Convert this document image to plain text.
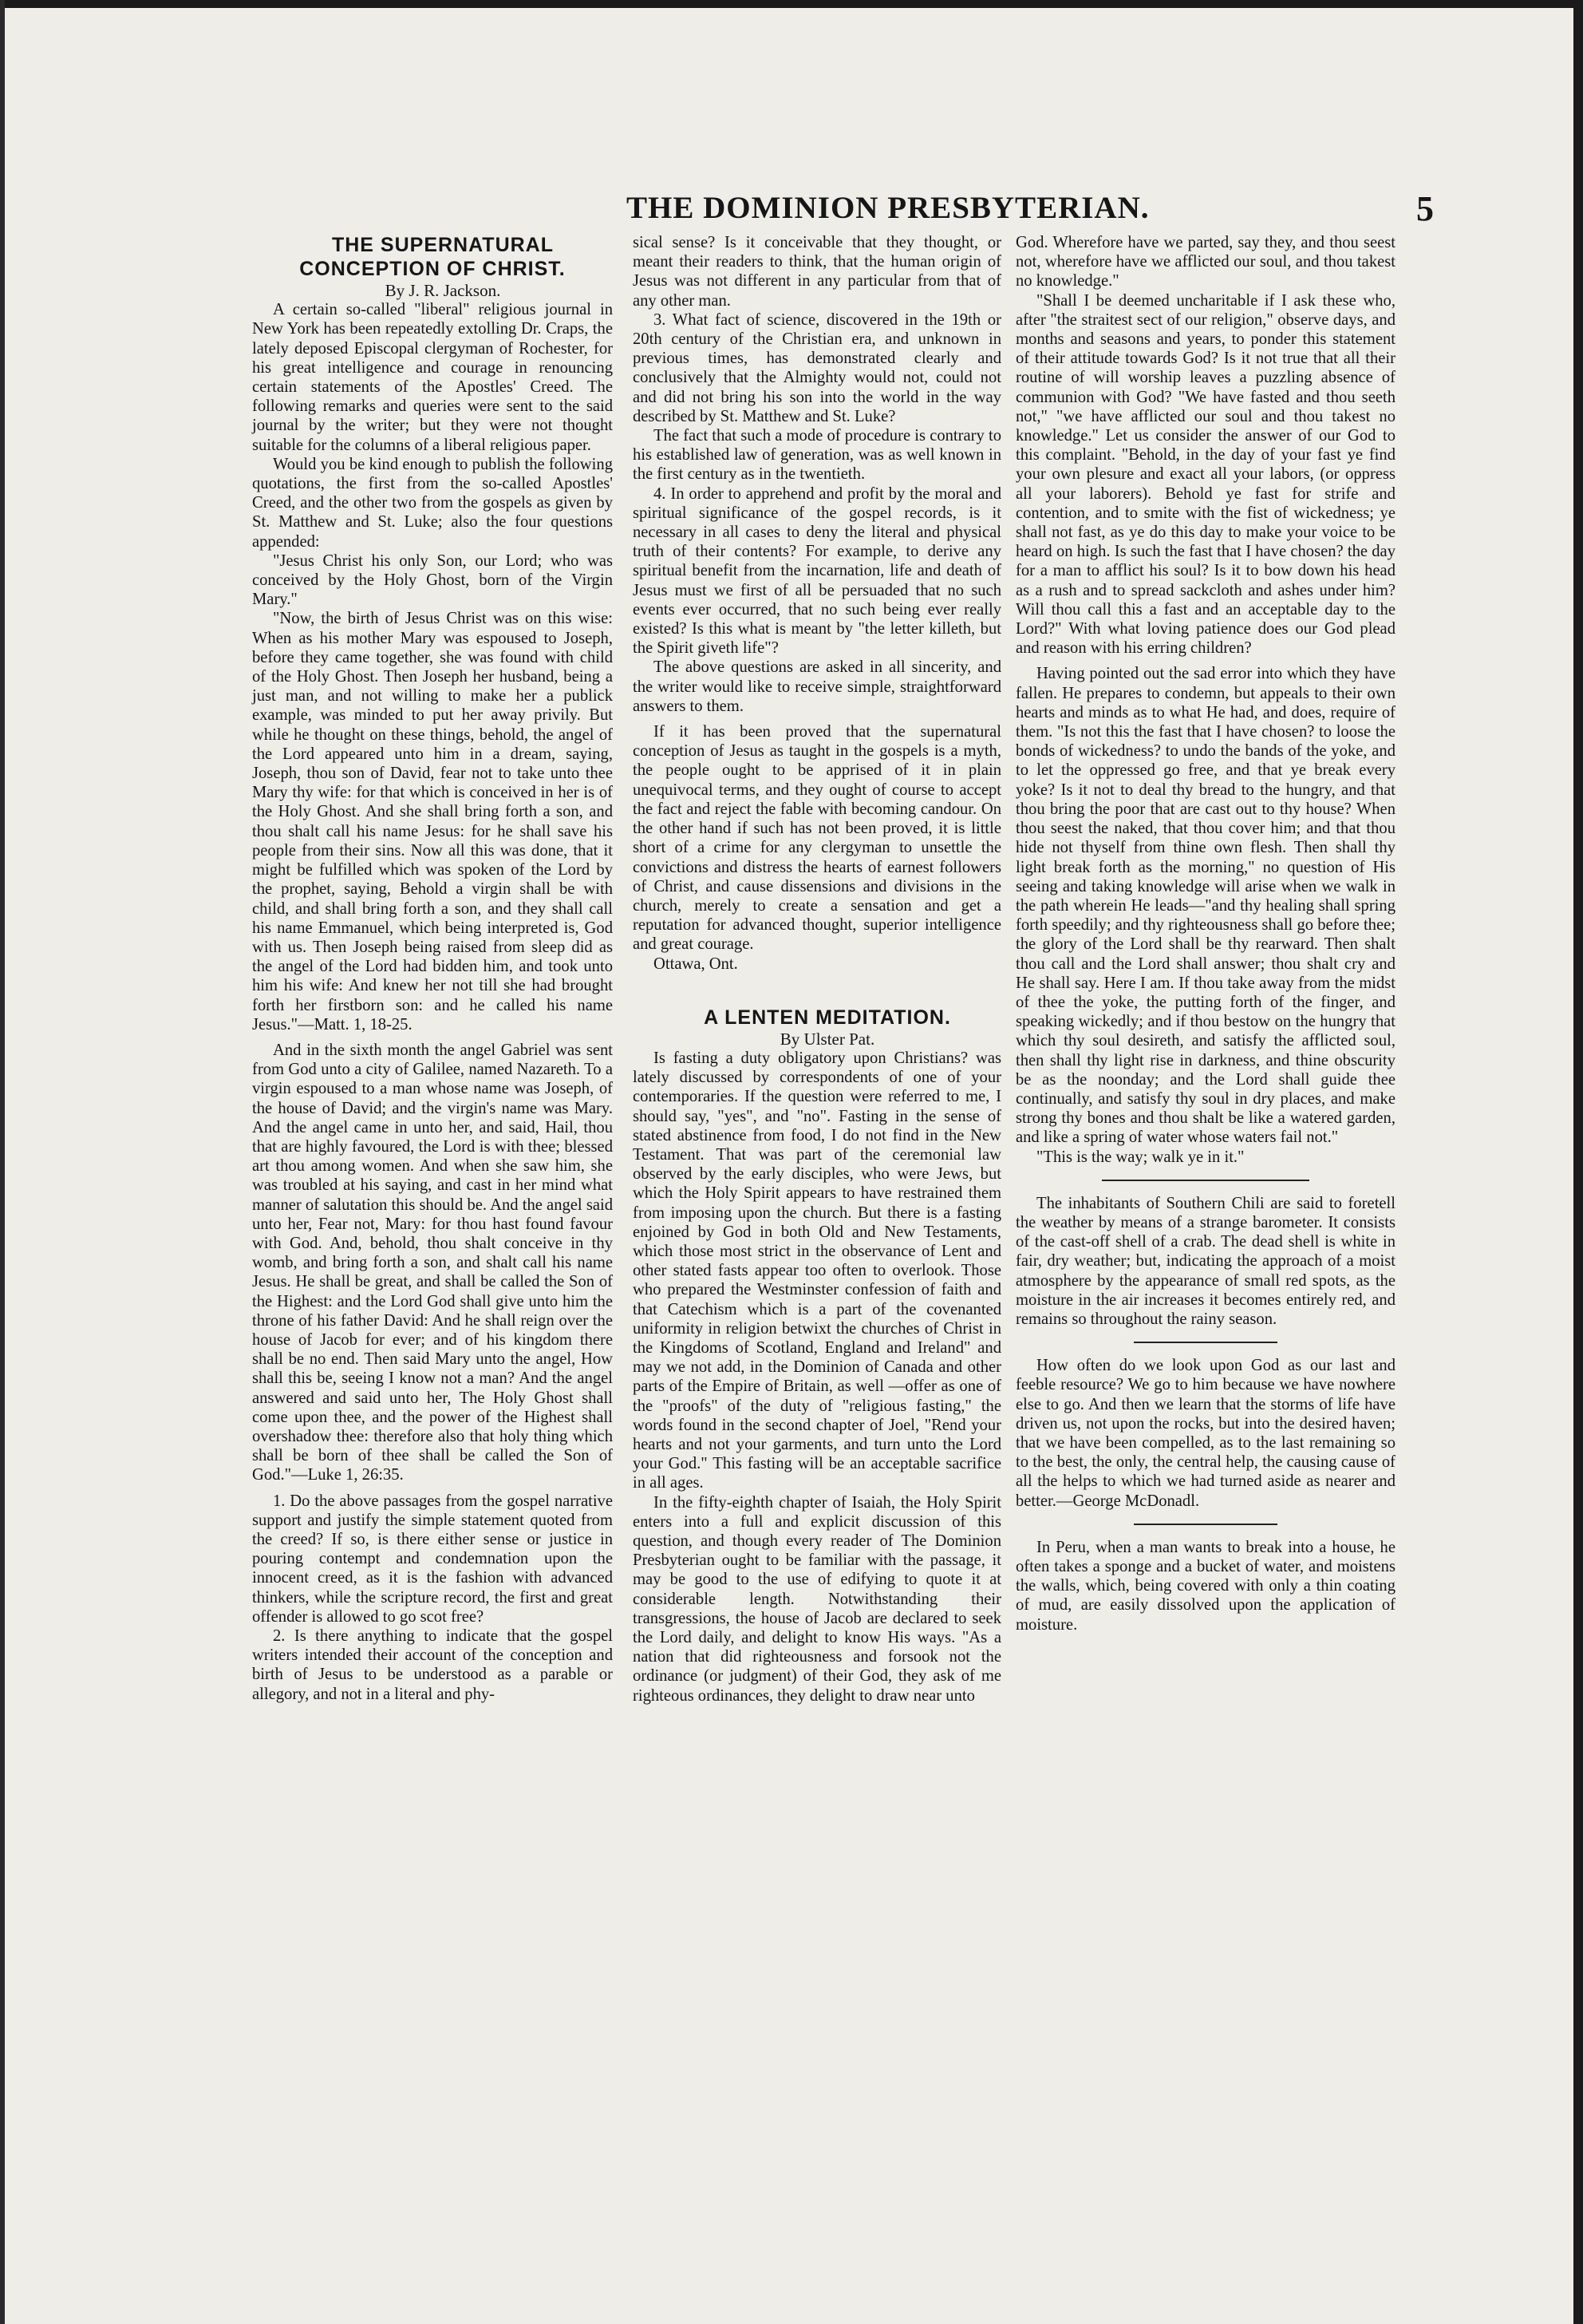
THE DOMINION PRESBYTERIAN.	5

THE SUPERNATURAL CONCEPTION OF CHRIST.

By J. R. Jackson.

A certain so-called "liberal" religious journal in New York has been repeatedly extolling Dr. Craps, the lately deposed Episcopal clergyman of Rochester, for his great intelligence and courage in renouncing certain statements of the Apostles' Creed. The following remarks and queries were sent to the said journal by the writer; but they were not thought suitable for the columns of a liberal religious paper.

Would you be kind enough to publish the following quotations, the first from the so-called Apostles' Creed, and the other two from the gospels as given by St. Matthew and St. Luke; also the four questions appended:

"Jesus Christ his only Son, our Lord; who was conceived by the Holy Ghost, born of the Virgin Mary."

"Now, the birth of Jesus Christ was on this wise: When as his mother Mary was espoused to Joseph, before they came together, she was found with child of the Holy Ghost. Then Joseph her husband, being a just man, and not willing to make her a publick example, was minded to put her away privily. But while he thought on these things, behold, the angel of the Lord appeared unto him in a dream, saying, Joseph, thou son of David, fear not to take unto thee Mary thy wife: for that which is conceived in her is of the Holy Ghost. And she shall bring forth a son, and thou shalt call his name Jesus: for he shall save his people from their sins. Now all this was done, that it might be fulfilled which was spoken of the Lord by the prophet, saying, Behold a virgin shall be with child, and shall bring forth a son, and they shall call his name Emmanuel, which being interpreted is, God with us. Then Joseph being raised from sleep did as the angel of the Lord had bidden him, and took unto him his wife: And knew her not till she had brought forth her firstborn son: and he called his name Jesus."—Matt. 1, 18-25.

And in the sixth month the angel Gabriel was sent from God unto a city of Galilee, named Nazareth. To a virgin espoused to a man whose name was Joseph, of the house of David; and the virgin's name was Mary. And the angel came in unto her, and said, Hail, thou that are highly favoured, the Lord is with thee; blessed art thou among women. And when she saw him, she was troubled at his saying, and cast in her mind what manner of salutation this should be. And the angel said unto her, Fear not, Mary: for thou hast found favour with God. And, behold, thou shalt conceive in thy womb, and bring forth a son, and shalt call his name Jesus. He shall be great, and shall be called the Son of the Highest: and the Lord God shall give unto him the throne of his father David: And he shall reign over the house of Jacob for ever; and of his kingdom there shall be no end. Then said Mary unto the angel, How shall this be, seeing I know not a man? And the angel answered and said unto her, The Holy Ghost shall come upon thee, and the power of the Highest shall overshadow thee: therefore also that holy thing which shall be born of thee shall be called the Son of God."—Luke 1, 26:35.

1. Do the above passages from the gospel narrative support and justify the simple statement quoted from the creed? If so, is there either sense or justice in pouring contempt and condemnation upon the innocent creed, as it is the fashion with advanced thinkers, while the scripture record, the first and great offender is allowed to go scot free?

2. Is there anything to indicate that the gospel writers intended their account of the conception and birth of Jesus to be understood as a parable or allegory, and not in a literal and phy-

sical sense? Is it conceivable that they thought, or meant their readers to think, that the human origin of Jesus was not different in any particular from that of any other man.

3. What fact of science, discovered in the 19th or 20th century of the Christian era, and unknown in previous times, has demonstrated clearly and conclusively that the Almighty would not, could not and did not bring his son into the world in the way described by St. Matthew and St. Luke?

The fact that such a mode of procedure is contrary to his established law of generation, was as well known in the first century as in the twentieth.

4. In order to apprehend and profit by the moral and spiritual significance of the gospel records, is it necessary in all cases to deny the literal and physical truth of their contents? For example, to derive any spiritual benefit from the incarnation, life and death of Jesus must we first of all be persuaded that no such events ever occurred, that no such being ever really existed? Is this what is meant by "the letter killeth, but the Spirit giveth life"?

The above questions are asked in all sincerity, and the writer would like to receive simple, straightforward answers to them.

If it has been proved that the supernatural conception of Jesus as taught in the gospels is a myth, the people ought to be apprised of it in plain unequivocal terms, and they ought of course to accept the fact and reject the fable with becoming candour. On the other hand if such has not been proved, it is little short of a crime for any clergyman to unsettle the convictions and distress the hearts of earnest followers of Christ, and cause dissensions and divisions in the church, merely to create a sensation and get a reputation for advanced thought, superior intelligence and great courage.

Ottawa, Ont.

A LENTEN MEDITATION.

By Ulster Pat.

Is fasting a duty obligatory upon Christians? was lately discussed by correspondents of one of your contemporaries. If the question were referred to me, I should say, "yes", and "no". Fasting in the sense of stated abstinence from food, I do not find in the New Testament. That was part of the ceremonial law observed by the early disciples, who were Jews, but which the Holy Spirit appears to have restrained them from imposing upon the church. But there is a fasting enjoined by God in both Old and New Testaments, which those most strict in the observance of Lent and other stated fasts appear too often to overlook. Those who prepared the Westminster confession of faith and that Catechism which is a part of the covenanted uniformity in religion betwixt the churches of Christ in the Kingdoms of Scotland, England and Ireland" and may we not add, in the Dominion of Canada and other parts of the Empire of Britain, as well —offer as one of the "proofs" of the duty of "religious fasting," the words found in the second chapter of Joel, "Rend your hearts and not your garments, and turn unto the Lord your God." This fasting will be an acceptable sacrifice in all ages.

In the fifty-eighth chapter of Isaiah, the Holy Spirit enters into a full and explicit discussion of this question, and though every reader of The Dominion Presbyterian ought to be familiar with the passage, it may be good to the use of edifying to quote it at considerable length. Notwithstanding their transgressions, the house of Jacob are declared to seek the Lord daily, and delight to know His ways. "As a nation that did righteousness and forsook not the ordinance (or judgment) of their God, they ask of me righteous ordinances, they delight to draw near unto

God. Wherefore have we parted, say they, and thou seest not, wherefore have we afflicted our soul, and thou takest no knowledge."

"Shall I be deemed uncharitable if I ask these who, after "the straitest sect of our religion," observe days, and months and seasons and years, to ponder this statement of their attitude towards God? Is it not true that all their routine of will worship leaves a puzzling absence of communion with God? "We have fasted and thou seeth not," "we have afflicted our soul and thou takest no knowledge." Let us consider the answer of our God to this complaint. "Behold, in the day of your fast ye find your own plesure and exact all your labors, (or oppress all your laborers). Behold ye fast for strife and contention, and to smite with the fist of wickedness; ye shall not fast, as ye do this day to make your voice to be heard on high. Is such the fast that I have chosen? the day for a man to afflict his soul? Is it to bow down his head as a rush and to spread sackcloth and ashes under him? Will thou call this a fast and an acceptable day to the Lord?" With what loving patience does our God plead and reason with his erring children?

Having pointed out the sad error into which they have fallen. He prepares to condemn, but appeals to their own hearts and minds as to what He had, and does, require of them. "Is not this the fast that I have chosen? to loose the bonds of wickedness? to undo the bands of the yoke, and to let the oppressed go free, and that ye break every yoke? Is it not to deal thy bread to the hungry, and that thou bring the poor that are cast out to thy house? When thou seest the naked, that thou cover him; and that thou hide not thyself from thine own flesh. Then shall thy light break forth as the morning," no question of His seeing and taking knowledge will arise when we walk in the path wherein He leads—"and thy healing shall spring forth speedily; and thy righteousness shall go before thee; the glory of the Lord shall be thy rearward. Then shalt thou call and the Lord shall answer; thou shalt cry and He shall say. Here I am. If thou take away from the midst of thee the yoke, the putting forth of the finger, and speaking wickedly; and if thou bestow on the hungry that which thy soul desireth, and satisfy the afflicted soul, then shall thy light rise in darkness, and thine obscurity be as the noonday; and the Lord shall guide thee continually, and satisfy thy soul in dry places, and make strong thy bones and thou shalt be like a watered garden, and like a spring of water whose waters fail not."

"This is the way; walk ye in it."

The inhabitants of Southern Chili are said to foretell the weather by means of a strange barometer. It consists of the cast-off shell of a crab. The dead shell is white in fair, dry weather; but, indicating the approach of a moist atmosphere by the appearance of small red spots, as the moisture in the air increases it becomes entirely red, and remains so throughout the rainy season.

How often do we look upon God as our last and feeble resource? We go to him because we have nowhere else to go. And then we learn that the storms of life have driven us, not upon the rocks, but into the desired haven; that we have been compelled, as to the last remaining so to the best, the only, the central help, the causing cause of all the helps to which we had turned aside as nearer and better.—George McDonadl.

In Peru, when a man wants to break into a house, he often takes a sponge and a bucket of water, and moistens the walls, which, being covered with only a thin coating of mud, are easily dissolved upon the application of moisture.
